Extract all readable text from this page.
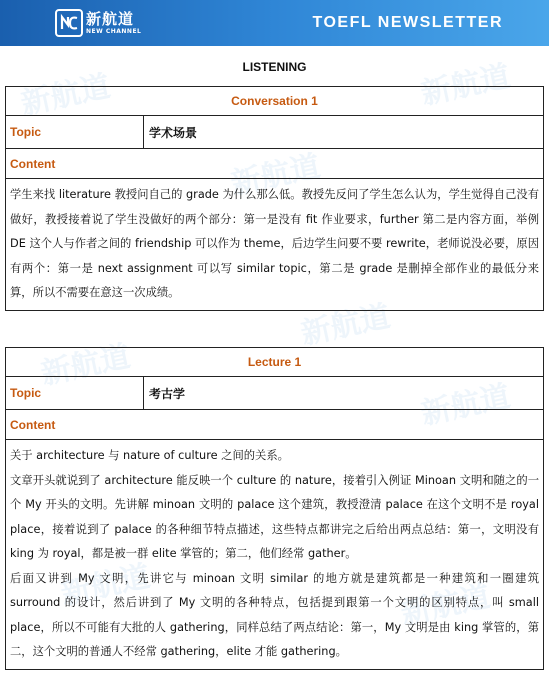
新航道
新航道
新航道
新航道
新航道
新航道
新航道	新航道
新航道
NEW CHANNEL	TOEFL NEWSLETTER
LISTENING
Conversation 1
Topic	学术场景
Content

学生来找 literature 教授问自己的 grade 为什么那么低。教授先反问了学生怎么认为，学生觉得自己没有做好，教授接着说了学生没做好的两个部分：第一是没有 fit 作业要求，further 第二是内容方面，举例 DE 这个人与作者之间的 friendship 可以作为 theme，后边学生问要不要 rewrite，老师说没必要，原因有两个：第一是 next assignment 可以写 similar topic，第二是 grade 是删掉全部作业的最低分来算，所以不需要在意这一次成绩。

Lecture 1
Topic	考古学
Content

关于 architecture 与 nature of culture 之间的关系。

文章开头就说到了 architecture 能反映一个 culture 的 nature，接着引入例证 Minoan 文明和随之的一个 My 开头的文明。先讲解 minoan 文明的 palace 这个建筑，教授澄清 palace 在这个文明不是 royal place，接着说到了 palace 的各种细节特点描述，这些特点都讲完之后给出两点总结：第一，文明没有 king 为 royal，都是被一群 elite 掌管的；第二，他们经常 gather。

后面又讲到 My 文明，先讲它与 minoan 文明 similar 的地方就是建筑都是一种建筑和一圈建筑 surround 的设计，然后讲到了 My 文明的各种特点，包括提到跟第一个文明的区别特点，叫 small place，所以不可能有大批的人 gathering，同样总结了两点结论：第一，My 文明是由 king 掌管的，第二，这个文明的普通人不经常 gathering，elite 才能 gathering。
